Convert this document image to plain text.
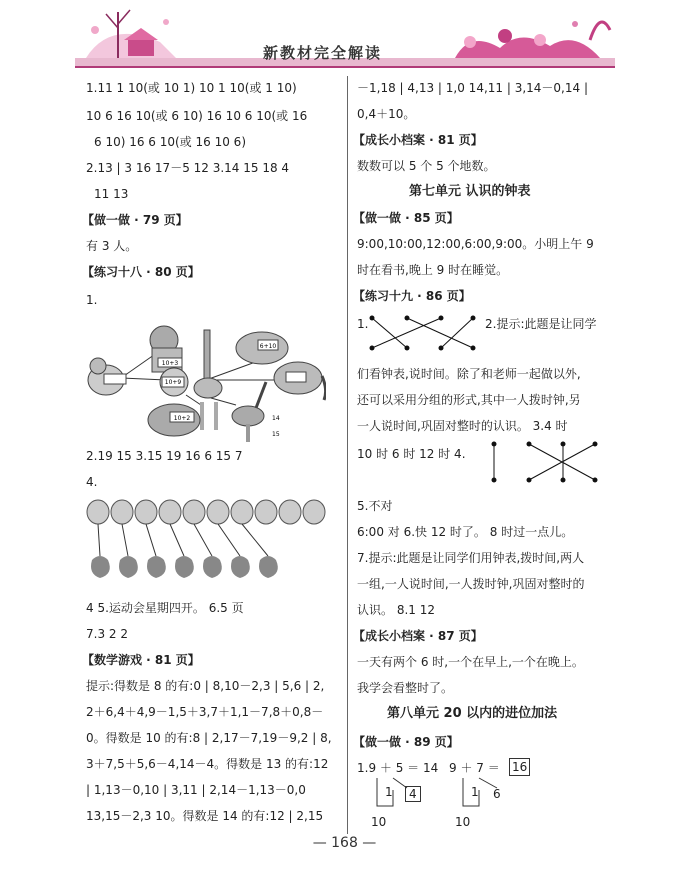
新教材完全解读
1.11 1 10(或 10 1) 10 1 10(或 1 10)
10 6 16 10(或 6 10) 16 10 6 10(或 16
6 10) 16 6 10(或 16 10 6)
2.13 | 3 16 17－5 12 3.14 15 18 4
11 13
【做一做 · 79 页】
有 3 人。
【练习十八 · 80 页】
1.
10+3
10+9
6+10
10+2	14
15
2.19 15 3.15 19 16 6 15 7
4.
4 5.运动会星期四开。 6.5 页
7.3 2 2
【数学游戏 · 81 页】
提示:得数是 8 的有:0 | 8,10－2,3 | 5,6 | 2,
2＋6,4＋4,9－1,5＋3,7＋1,1－7,8＋0,8－
0。得数是 10 的有:8 | 2,17－7,19－9,2 | 8,
3＋7,5＋5,6－4,14－4。得数是 13 的有:12
| 1,13－0,10 | 3,11 | 2,14－1,13－0,0
13,15－2,3 10。得数是 14 的有:12 | 2,15
－1,18 | 4,13 | 1,0 14,11 | 3,14－0,14 |
0,4＋10。
【成长小档案 · 81 页】
数数可以 5 个 5 个地数。
第七单元 认识的钟表
【做一做 · 85 页】
9:00,10:00,12:00,6:00,9:00。小明上午 9
时在看书,晚上 9 时在睡觉。
【练习十九 · 86 页】
1.	2.提示:此题是让同学
们看钟表,说时间。除了和老师一起做以外,
还可以采用分组的形式,其中一人拨时钟,另
一人说时间,巩固对整时的认识。 3.4 时
10 时 6 时 12 时 4.
5.不对
6:00 对 6.快 12 时了。 8 时过一点儿。
7.提示:此题是让同学们用钟表,拨时间,两人
一组,一人说时间,一人拨时钟,巩固对整时的
认识。 8.1 12
【成长小档案 · 87 页】
一天有两个 6 时,一个在早上,一个在晚上。
我学会看整时了。
第八单元 20 以内的进位加法
【做一做 · 89 页】
1.9 ＋ 5 ＝ 14 9 ＋ 7 ＝ 16
1	4	1 6
10	10
— 168 —
